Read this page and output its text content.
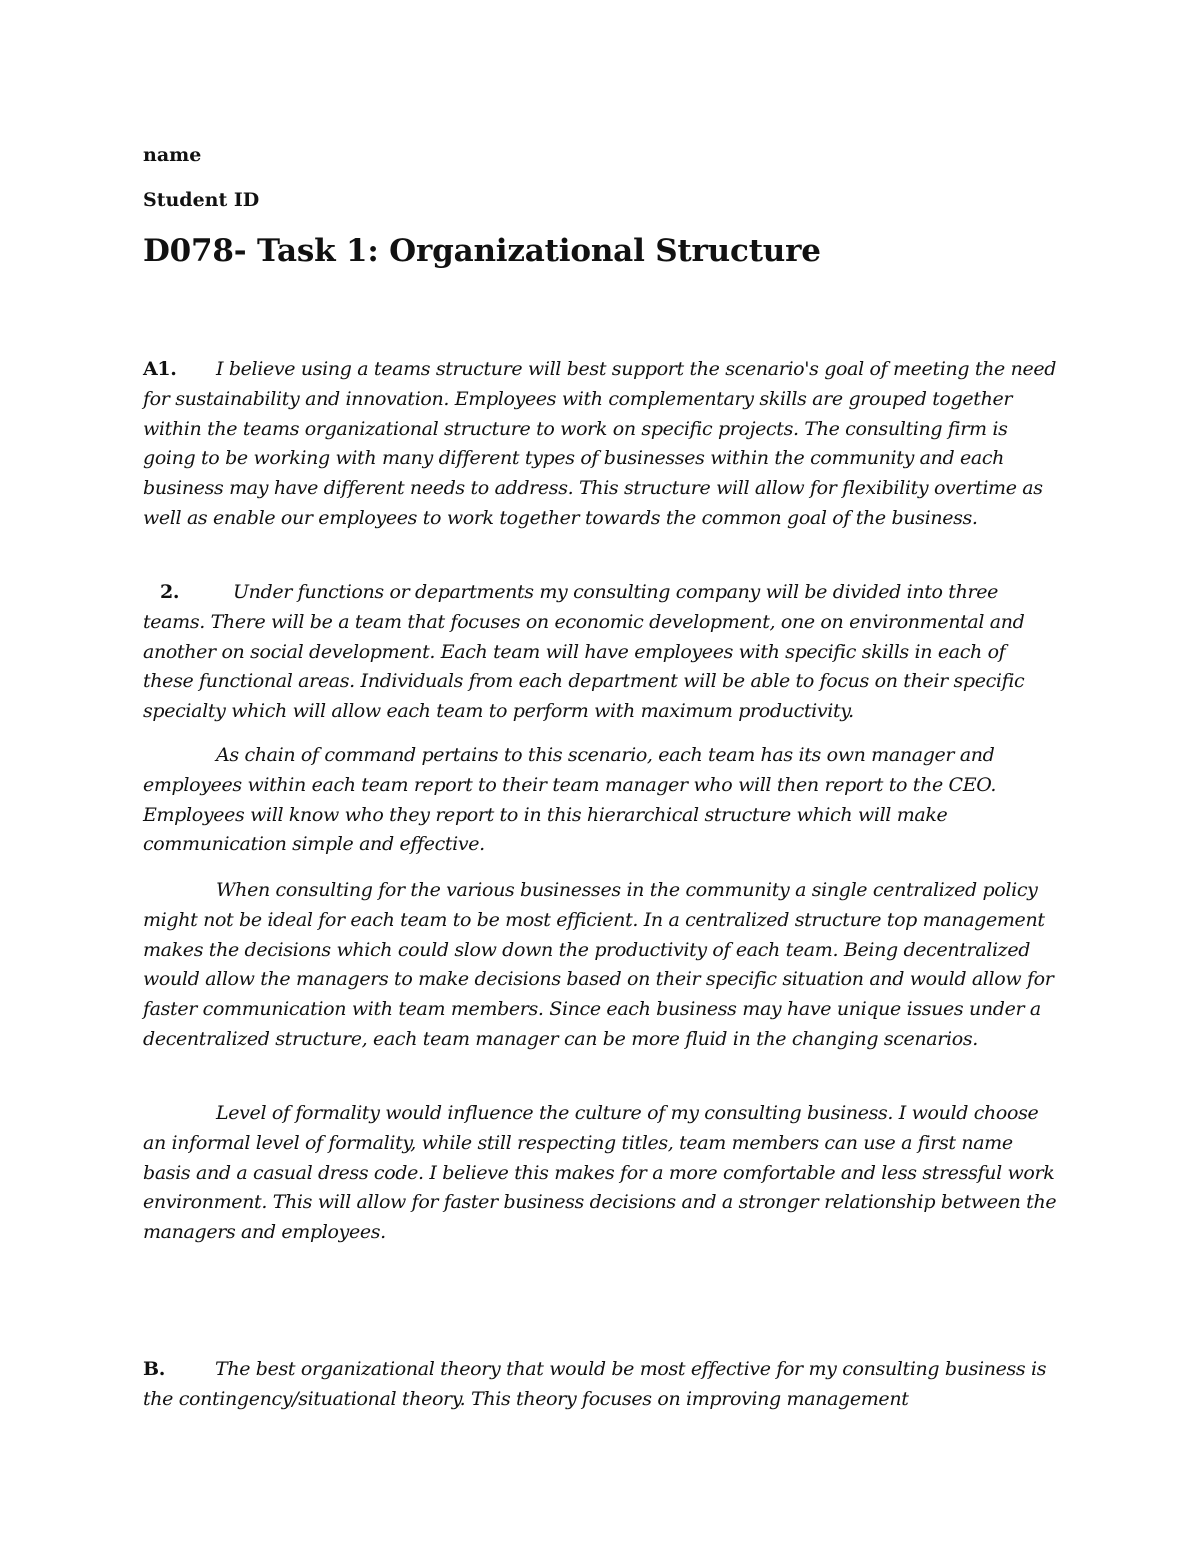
name

Student ID

D078- Task 1: Organizational Structure

A1. I believe using a teams structure will best support the scenario's goal of meeting the need for sustainability and innovation. Employees with complementary skills are grouped together within the teams organizational structure to work on specific projects. The consulting firm is going to be working with many different types of businesses within the community and each business may have different needs to address. This structure will allow for flexibility overtime as well as enable our employees to work together towards the common goal of the business.

2.	Under functions or departments my consulting company will be divided into three teams. There will be a team that focuses on economic development, one on environmental and another on social development. Each team will have employees with specific skills in each of these functional areas. Individuals from each department will be able to focus on their specific specialty which will allow each team to perform with maximum productivity.

As chain of command pertains to this scenario, each team has its own manager and employees within each team report to their team manager who will then report to the CEO. Employees will know who they report to in this hierarchical structure which will make communication simple and effective.

When consulting for the various businesses in the community a single centralized policy might not be ideal for each team to be most efficient. In a centralized structure top management makes the decisions which could slow down the productivity of each team. Being decentralized would allow the managers to make decisions based on their specific situation and would allow for faster communication with team members. Since each business may have unique issues under a decentralized structure, each team manager can be more fluid in the changing scenarios.

Level of formality would influence the culture of my consulting business. I would choose an informal level of formality, while still respecting titles, team members can use a first name basis and a casual dress code. I believe this makes for a more comfortable and less stressful work environment. This will allow for faster business decisions and a stronger relationship between the managers and employees.

B.	The best organizational theory that would be most effective for my consulting business is the contingency/situational theory. This theory focuses on improving management
